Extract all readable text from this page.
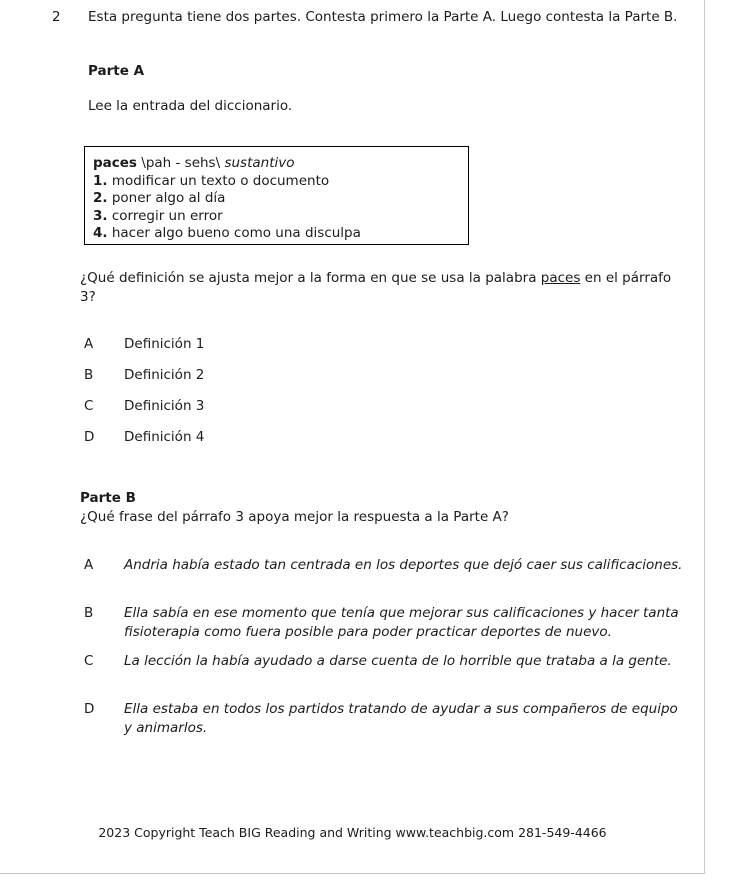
2	Esta pregunta tiene dos partes. Contesta primero la Parte A. Luego contesta la Parte B.
Parte A
Lee la entrada del diccionario.
paces \pah - sehs\ sustantivo
1. modificar un texto o documento
2. poner algo al día
3. corregir un error
4. hacer algo bueno como una disculpa
¿Qué definición se ajusta mejor a la forma en que se usa la palabra paces en el párrafo 3?
A	Definición 1
B	Definición 2
C	Definición 3
D	Definición 4
Parte B
¿Qué frase del párrafo 3 apoya mejor la respuesta a la Parte A?
A	Andria había estado tan centrada en los deportes que dejó caer sus calificaciones.
B	Ella sabía en ese momento que tenía que mejorar sus calificaciones y hacer tanta fisioterapia como fuera posible para poder practicar deportes de nuevo.
C	La lección la había ayudado a darse cuenta de lo horrible que trataba a la gente.
D	Ella estaba en todos los partidos tratando de ayudar a sus compañeros de equipo y animarlos.
2023 Copyright Teach BIG Reading and Writing www.teachbig.com 281-549-4466
